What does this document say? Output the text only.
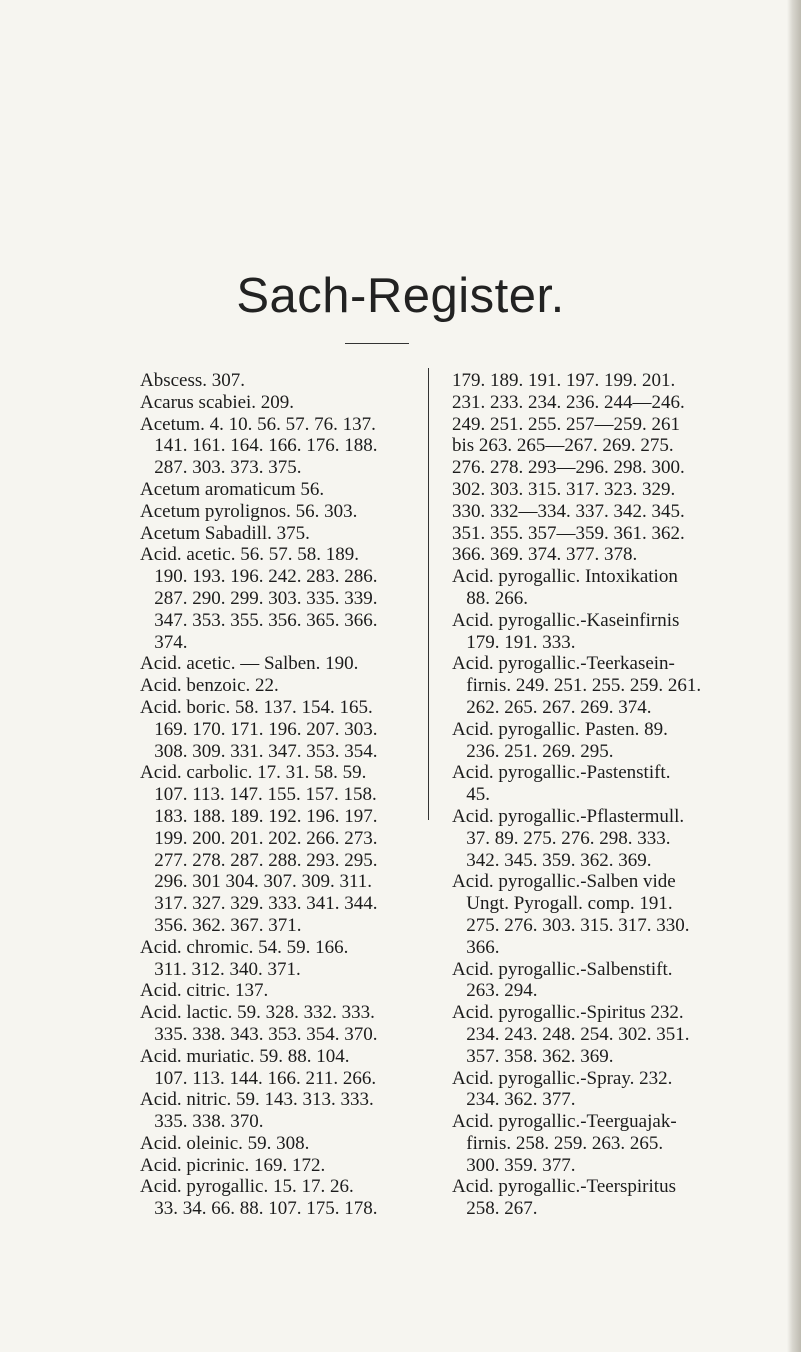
Sach-Register.
Abscess. 307.
Acarus scabiei. 209.
Acetum. 4. 10. 56. 57. 76. 137.
141. 161. 164. 166. 176. 188.
287. 303. 373. 375.
Acetum aromaticum 56.
Acetum pyrolignos. 56. 303.
Acetum Sabadill. 375.
Acid. acetic. 56. 57. 58. 189.
190. 193. 196. 242. 283. 286.
287. 290. 299. 303. 335. 339.
347. 353. 355. 356. 365. 366.
374.
Acid. acetic. — Salben. 190.
Acid. benzoic. 22.
Acid. boric. 58. 137. 154. 165.
169. 170. 171. 196. 207. 303.
308. 309. 331. 347. 353. 354.
Acid. carbolic. 17. 31. 58. 59.
107. 113. 147. 155. 157. 158.
183. 188. 189. 192. 196. 197.
199. 200. 201. 202. 266. 273.
277. 278. 287. 288. 293. 295.
296. 301 304. 307. 309. 311.
317. 327. 329. 333. 341. 344.
356. 362. 367. 371.
Acid. chromic. 54. 59. 166.
311. 312. 340. 371.
Acid. citric. 137.
Acid. lactic. 59. 328. 332. 333.
335. 338. 343. 353. 354. 370.
Acid. muriatic. 59. 88. 104.
107. 113. 144. 166. 211. 266.
Acid. nitric. 59. 143. 313. 333.
335. 338. 370.
Acid. oleinic. 59. 308.
Acid. picrinic. 169. 172.
Acid. pyrogallic. 15. 17. 26.
33. 34. 66. 88. 107. 175. 178.
179. 189. 191. 197. 199. 201.
231. 233. 234. 236. 244—246.
249. 251. 255. 257—259. 261
bis 263. 265—267. 269. 275.
276. 278. 293—296. 298. 300.
302. 303. 315. 317. 323. 329.
330. 332—334. 337. 342. 345.
351. 355. 357—359. 361. 362.
366. 369. 374. 377. 378.
Acid. pyrogallic. Intoxikation
88. 266.
Acid. pyrogallic.-Kaseinfirnis
179. 191. 333.
Acid. pyrogallic.-Teerkasein-
firnis. 249. 251. 255. 259. 261.
262. 265. 267. 269. 374.
Acid. pyrogallic. Pasten. 89.
236. 251. 269. 295.
Acid. pyrogallic.-Pastenstift.
45.
Acid. pyrogallic.-Pflastermull.
37. 89. 275. 276. 298. 333.
342. 345. 359. 362. 369.
Acid. pyrogallic.-Salben vide
Ungt. Pyrogall. comp. 191.
275. 276. 303. 315. 317. 330.
366.
Acid. pyrogallic.-Salbenstift.
263. 294.
Acid. pyrogallic.-Spiritus 232.
234. 243. 248. 254. 302. 351.
357. 358. 362. 369.
Acid. pyrogallic.-Spray. 232.
234. 362. 377.
Acid. pyrogallic.-Teerguajak-
firnis. 258. 259. 263. 265.
300. 359. 377.
Acid. pyrogallic.-Teerspiritus
258. 267.
